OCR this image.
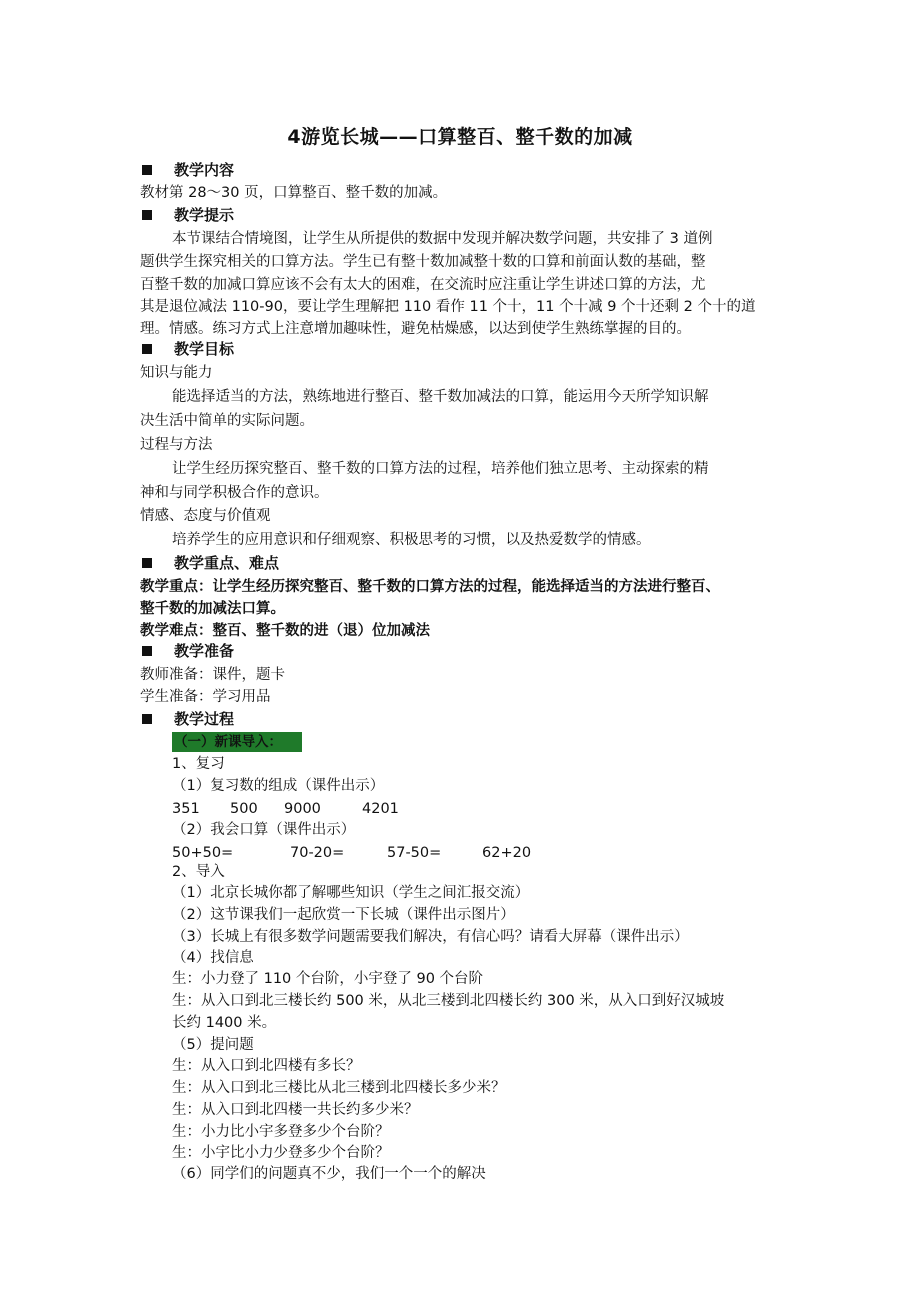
4游览长城——口算整百、整千数的加减
教学内容
教材第 28～30 页，口算整百、整千数的加减。
教学提示
本节课结合情境图，让学生从所提供的数据中发现并解决数学问题，共安排了 3 道例
题供学生探究相关的口算方法。学生已有整十数加减整十数的口算和前面认数的基础，整
百整千数的加减口算应该不会有太大的困难，在交流时应注重让学生讲述口算的方法，尤
其是退位减法 110-90，要让学生理解把 110 看作 11 个十，11 个十减 9 个十还剩 2 个十的道
理。情感。练习方式上注意增加趣味性，避免枯燥感，以达到使学生熟练掌握的目的。
教学目标
知识与能力
能选择适当的方法，熟练地进行整百、整千数加减法的口算，能运用今天所学知识解
决生活中简单的实际问题。
过程与方法
让学生经历探究整百、整千数的口算方法的过程，培养他们独立思考、主动探索的精
神和与同学积极合作的意识。
情感、态度与价值观
培养学生的应用意识和仔细观察、积极思考的习惯，以及热爱数学的情感。
教学重点、难点
教学重点：让学生经历探究整百、整千数的口算方法的过程，能选择适当的方法进行整百、
整千数的加减法口算。
教学难点：整百、整千数的进（退）位加减法
教学准备
教师准备：课件，题卡
学生准备：学习用品
教学过程
（一）新课导入：
1、复习
（1）复习数的组成（课件出示）
351 500 9000	4201
（2）我会口算（课件出示）
50+50=	70-20=	57-50=	62+20
2、导入
（1）北京长城你都了解哪些知识（学生之间汇报交流）
（2）这节课我们一起欣赏一下长城（课件出示图片）
（3）长城上有很多数学问题需要我们解决，有信心吗？请看大屏幕（课件出示）
（4）找信息
生：小力登了 110 个台阶，小宇登了 90 个台阶
生：从入口到北三楼长约 500 米，从北三楼到北四楼长约 300 米，从入口到好汉城坡
长约 1400 米。
（5）提问题
生：从入口到北四楼有多长？
生：从入口到北三楼比从北三楼到北四楼长多少米？
生：从入口到北四楼一共长约多少米？
生：小力比小宇多登多少个台阶？
生：小宇比小力少登多少个台阶？
（6）同学们的问题真不少，我们一个一个的解决
